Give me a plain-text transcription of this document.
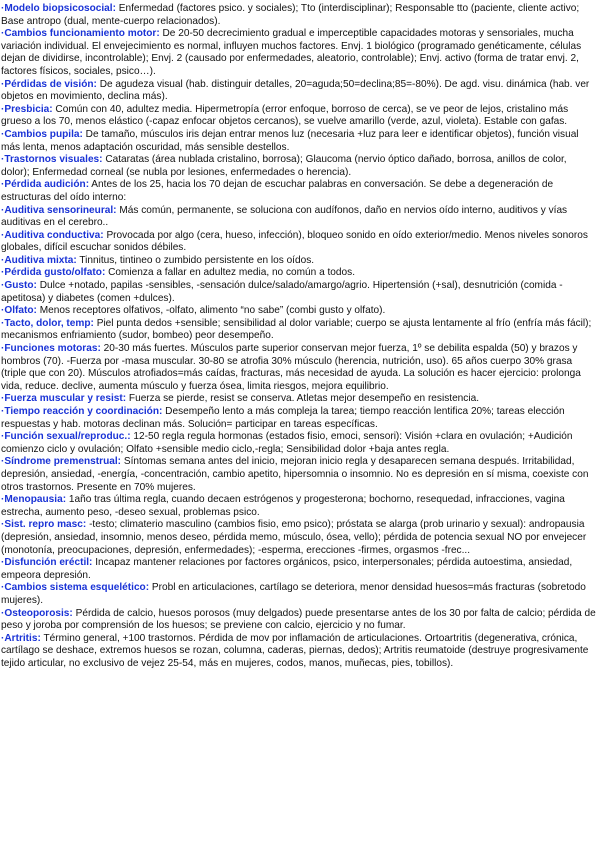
·Modelo biopsicosocial: Enfermedad (factores psico. y sociales); Tto (interdisciplinar); Responsable tto (paciente, cliente activo; Base antropo (dual, mente-cuerpo relacionados).

·Cambios funcionamiento motor: De 20-50 decrecimiento gradual e imperceptible capacidades motoras y sensoriales, mucha variación individual. El envejecimiento es normal, influyen muchos factores. Envj. 1 biológico (programado genéticamente, células dejan de dividirse, incontrolable); Envj. 2 (causado por enfermedades, aleatorio, controlable); Envj. activo (forma de tratar envj. 2, factores físicos, sociales, psico…).

·Pérdidas de visión: De agudeza visual (hab. distinguir detalles, 20=aguda;50=declina;85=-80%). De agd. visu. dinámica (hab. ver objetos en movimiento, declina más).

·Presbicia: Común con 40, adultez media. Hipermetropía (error enfoque, borroso de cerca), se ve peor de lejos, cristalino más grueso a los 70, menos elástico (-capaz enfocar objetos cercanos), se vuelve amarillo (verde, azul, violeta). Estable con gafas.

·Cambios pupila: De tamaño, músculos iris dejan entrar menos luz (necesaria +luz para leer e identificar objetos), función visual más lenta, menos adaptación oscuridad, más sensible destellos.

·Trastornos visuales: Cataratas (área nublada cristalino, borrosa); Glaucoma (nervio óptico dañado, borrosa, anillos de color, dolor); Enfermedad corneal (se nubla por lesiones, enfermedades o herencia).

·Pérdida audición: Antes de los 25, hacia los 70 dejan de escuchar palabras en conversación. Se debe a degeneración de estructuras del oído interno:

·Auditiva sensorineural: Más común, permanente, se soluciona con audífonos, daño en nervios oído interno, auditivos y vías auditivas en el cerebro..

·Auditiva conductiva: Provocada por algo (cera, hueso, infección), bloqueo sonido en oído exterior/medio. Menos niveles sonoros globales, difícil escuchar sonidos débiles.

·Auditiva mixta: Tinnitus, tintineo o zumbido persistente en los oídos.

·Pérdida gusto/olfato: Comienza a fallar en adultez media, no común a todos.

·Gusto: Dulce +notado, papilas -sensibles, -sensación dulce/salado/amargo/agrio. Hipertensión (+sal), desnutrición (comida -apetitosa) y diabetes (comen +dulces).

·Olfato: Menos receptores olfativos, -olfato, alimento “no sabe” (combi gusto y olfato).

·Tacto, dolor, temp: Piel punta dedos +sensible; sensibilidad al dolor variable; cuerpo se ajusta lentamente al frío (enfría más fácil); mecanismos enfriamiento (sudor, bombeo) peor desempeño.

·Funciones motoras: 20-30 más fuertes. Músculos parte superior conservan mejor fuerza, 1º se debilita espalda (50) y brazos y hombros (70). -Fuerza por -masa muscular. 30-80 se atrofia 30% músculo (herencia, nutrición, uso). 65 años cuerpo 30% grasa (triple que con 20). Músculos atrofiados=más caídas, fracturas, más necesidad de ayuda. La solución es hacer ejercicio: prolonga vida, reduce. declive, aumenta músculo y fuerza ósea, limita riesgos, mejora equilibrio.

·Fuerza muscular y resist: Fuerza se pierde, resist se conserva. Atletas mejor desempeño en resistencia.

·Tiempo reacción y coordinación: Desempeño lento a más compleja la tarea; tiempo reacción lentifica 20%; tareas elección respuestas y hab. motoras declinan más. Solución= participar en tareas específicas.

·Función sexual/reproduc.: 12-50 regla regula hormonas (estados fisio, emoci, sensori): Visión +clara en ovulación; +Audición comienzo ciclo y ovulación; Olfato +sensible medio ciclo,-regla; Sensibilidad dolor +baja antes regla.

·Síndrome premenstrual: Síntomas semana antes del inicio, mejoran inicio regla y desaparecen semana después. Irritabilidad, depresión, ansiedad, -energía, -concentración, cambio apetito, hipersomnia o insomnio. No es depresión en sí misma, coexiste con otros trastornos. Presente en 70% mujeres.

·Menopausia: 1año tras última regla, cuando decaen estrógenos y progesterona; bochorno, resequedad, infracciones, vagina estrecha, aumento peso, -deseo sexual, problemas psico.

·Sist. repro masc: -testo; climaterio masculino (cambios fisio, emo psico); próstata se alarga (prob urinario y sexual): andropausia (depresión, ansiedad, insomnio, menos deseo, pérdida memo, músculo, ósea, vello); pérdida de potencia sexual NO por envejecer (monotonía, preocupaciones, depresión, enfermedades); -esperma, erecciones -firmes, orgasmos -frec...

·Disfunción eréctil: Incapaz mantener relaciones por factores orgánicos, psico, interpersonales; pérdida autoestima, ansiedad, empeora depresión.

·Cambios sistema esquelético: Probl en articulaciones, cartílago se deteriora, menor densidad huesos=más fracturas (sobretodo mujeres).

·Osteoporosis: Pérdida de calcio, huesos porosos (muy delgados) puede presentarse antes de los 30 por falta de calcio; pérdida de peso y joroba por comprensión de los huesos; se previene con calcio, ejercicio y no fumar.

·Artritis: Término general, +100 trastornos. Pérdida de mov por inflamación de articulaciones. Ortoartritis (degenerativa, crónica, cartílago se deshace, extremos huesos se rozan, columna, caderas, piernas, dedos); Artritis reumatoide (destruye progresivamente tejido articular, no exclusivo de vejez 25-54, más en mujeres, codos, manos, muñecas, pies, tobillos).
